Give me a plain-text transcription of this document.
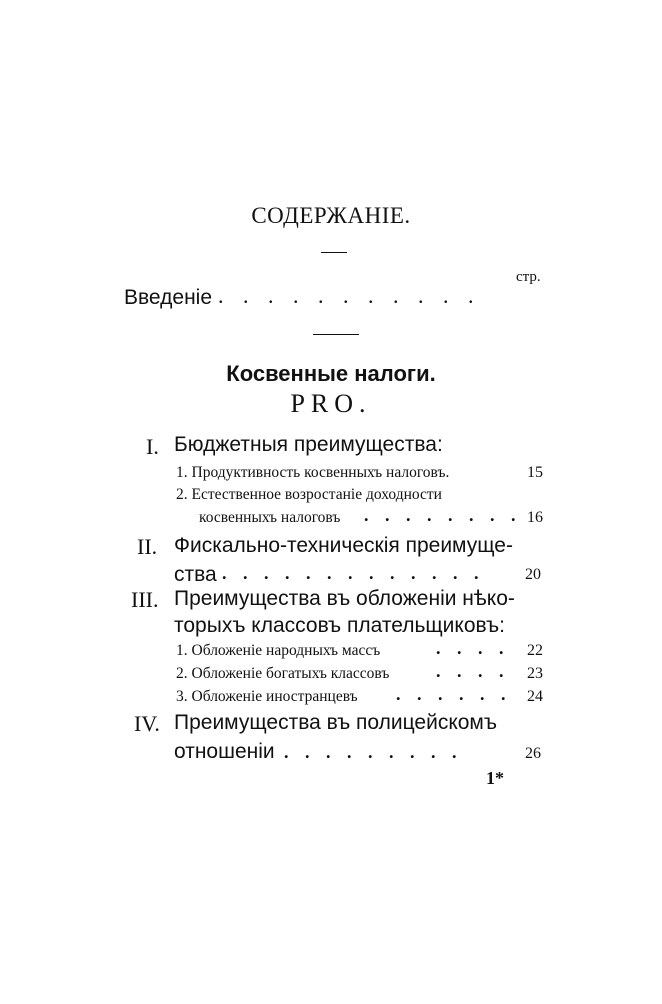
СОДЕРЖАНІЕ.
стр.
Введеніе . . . . . . . . . . .
Косвенные налоги.
PRO.
I. Бюджетныя преимущества:
1. Продуктивность косвенныхъ налоговъ.	15
2. Естественное возростаніе доходности
косвенныхъ налоговъ . . . . . . . . 16
II. Фискально-техническія преимуще-
ства . . . . . . . . . . . . .	20
III. Преимущества въ обложеніи нѣко-
торыхъ классовъ плательщиковъ:
1. Обложеніе народныхъ массъ	. . . . 22
2. Обложеніе богатыхъ классовъ	. . . . 23
3. Обложеніе иностранцевъ . . . . . . 24
IV. Преимущества въ полицейскомъ
отношеніи . . . . . . . . .	26
1*
